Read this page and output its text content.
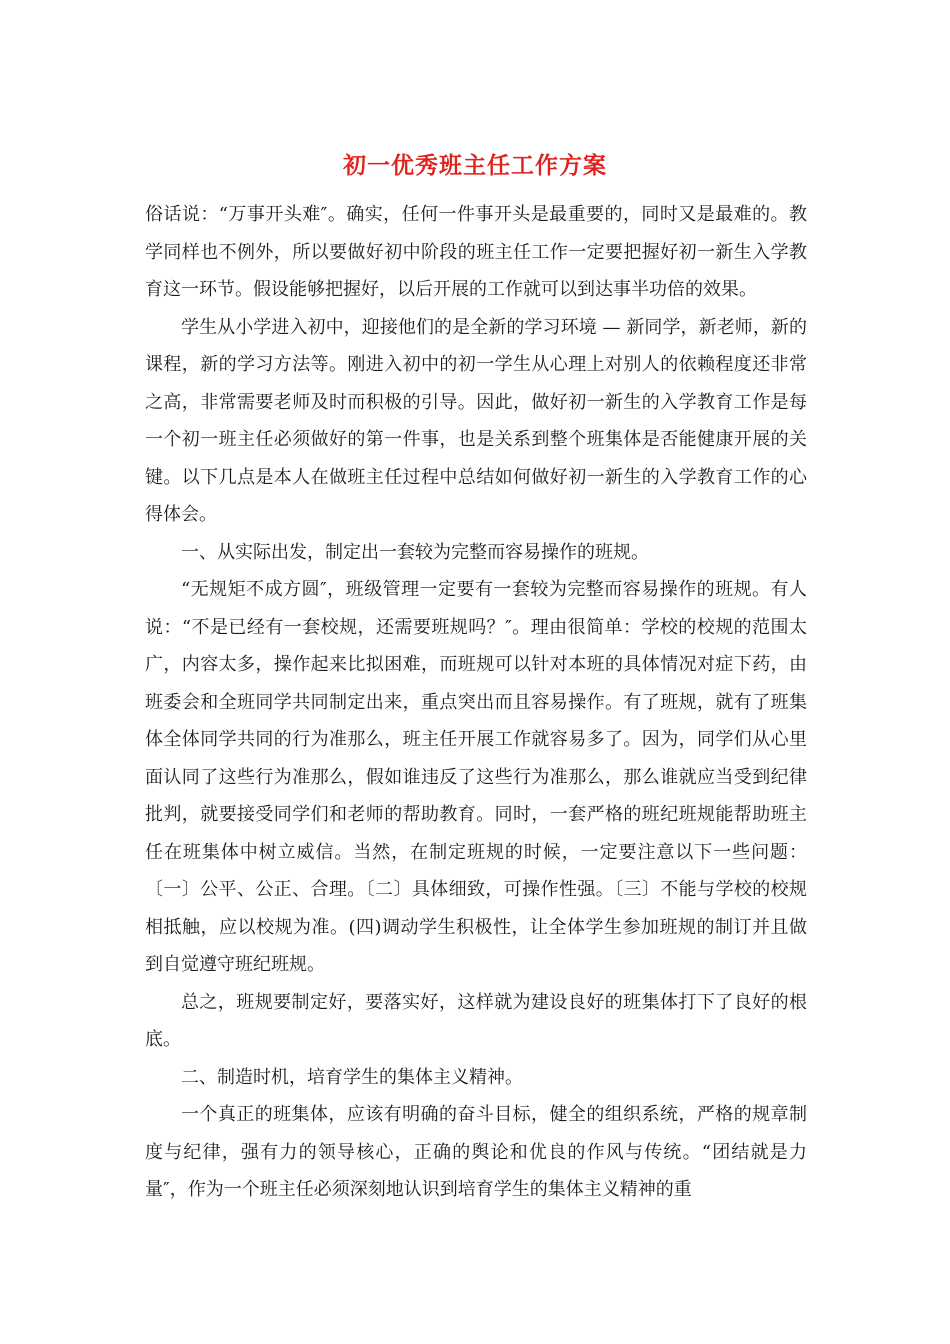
初一优秀班主任工作方案

俗话说：“万事开头难″。确实，任何一件事开头是最重要的，同时又是最难的。教学同样也不例外，所以要做好初中阶段的班主任工作一定要把握好初一新生入学教育这一环节。假设能够把握好，以后开展的工作就可以到达事半功倍的效果。

学生从小学进入初中，迎接他们的是全新的学习环境 — 新同学，新老师，新的课程，新的学习方法等。刚进入初中的初一学生从心理上对别人的依赖程度还非常之高，非常需要老师及时而积极的引导。因此，做好初一新生的入学教育工作是每一个初一班主任必须做好的第一件事，也是关系到整个班集体是否能健康开展的关键。以下几点是本人在做班主任过程中总结如何做好初一新生的入学教育工作的心得体会。

一、从实际出发，制定出一套较为完整而容易操作的班规。

“无规矩不成方圆″，班级管理一定要有一套较为完整而容易操作的班规。有人说：“不是已经有一套校规，还需要班规吗？″。理由很简单：学校的校规的范围太广，内容太多，操作起来比拟困难，而班规可以针对本班的具体情况对症下药，由班委会和全班同学共同制定出来，重点突出而且容易操作。有了班规，就有了班集体全体同学共同的行为准那么，班主任开展工作就容易多了。因为，同学们从心里面认同了这些行为准那么，假如谁违反了这些行为准那么，那么谁就应当受到纪律批判，就要接受同学们和老师的帮助教育。同时，一套严格的班纪班规能帮助班主任在班集体中树立威信。当然，在制定班规的时候，一定要注意以下一些问题：〔一〕公平、公正、合理。〔二〕具体细致，可操作性强。〔三〕不能与学校的校规相抵触，应以校规为准。(四)调动学生积极性，让全体学生参加班规的制订并且做到自觉遵守班纪班规。

总之，班规要制定好，要落实好，这样就为建设良好的班集体打下了良好的根底。

二、制造时机，培育学生的集体主义精神。

一个真正的班集体，应该有明确的奋斗目标，健全的组织系统，严格的规章制度与纪律，强有力的领导核心，正确的舆论和优良的作风与传统。“团结就是力量″，作为一个班主任必须深刻地认识到培育学生的集体主义精神的重
